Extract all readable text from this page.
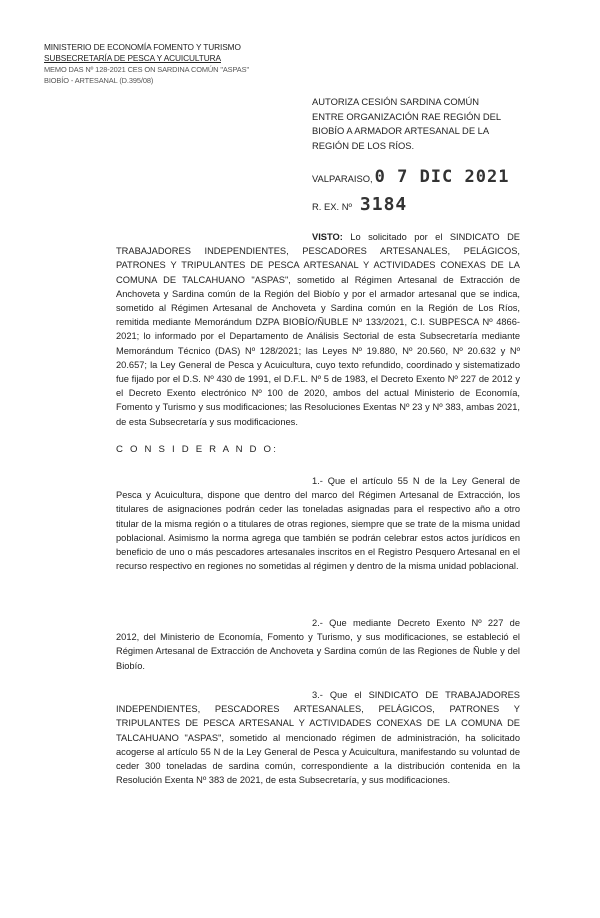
MINISTERIO DE ECONOMÍA FOMENTO Y TURISMO
SUBSECRETARÍA DE PESCA Y ACUICULTURA
MEMO DAS Nº 128-2021 CES ON SARDINA COMÚN "ASPAS"
BIOBÍO - ARTESANAL (D.395/08)
AUTORIZA CESIÓN SARDINA COMÚN ENTRE ORGANIZACIÓN RAE REGIÓN DEL BIOBÍO A ARMADOR ARTESANAL DE LA REGIÓN DE LOS RÍOS.
VALPARAISO, 0 7 DIC 2021
R. EX. Nº 3184
VISTO: Lo solicitado por el SINDICATO DE TRABAJADORES INDEPENDIENTES, PESCADORES ARTESANALES, PELÁGICOS, PATRONES Y TRIPULANTES DE PESCA ARTESANAL Y ACTIVIDADES CONEXAS DE LA COMUNA DE TALCAHUANO "ASPAS", sometido al Régimen Artesanal de Extracción de Anchoveta y Sardina común de la Región del Biobío y por el armador artesanal que se indica, sometido al Régimen Artesanal de Anchoveta y Sardina común en la Región de Los Ríos, remitida mediante Memorándum DZPA BIOBÍO/ÑUBLE Nº 133/2021, C.I. SUBPESCA Nº 4866-2021; lo informado por el Departamento de Análisis Sectorial de esta Subsecretaría mediante Memorándum Técnico (DAS) Nº 128/2021; las Leyes Nº 19.880, Nº 20.560, Nº 20.632 y Nº 20.657; la Ley General de Pesca y Acuicultura, cuyo texto refundido, coordinado y sistematizado fue fijado por el D.S. Nº 430 de 1991, el D.F.L. Nº 5 de 1983, el Decreto Exento Nº 227 de 2012 y el Decreto Exento electrónico Nº 100 de 2020, ambos del actual Ministerio de Economía, Fomento y Turismo y sus modificaciones; las Resoluciones Exentas Nº 23 y Nº 383, ambas 2021, de esta Subsecretaría y sus modificaciones.
C O N S I D E R A N D O:
1.- Que el artículo 55 N de la Ley General de Pesca y Acuicultura, dispone que dentro del marco del Régimen Artesanal de Extracción, los titulares de asignaciones podrán ceder las toneladas asignadas para el respectivo año a otro titular de la misma región o a titulares de otras regiones, siempre que se trate de la misma unidad poblacional. Asimismo la norma agrega que también se podrán celebrar estos actos jurídicos en beneficio de uno o más pescadores artesanales inscritos en el Registro Pesquero Artesanal en el recurso respectivo en regiones no sometidas al régimen y dentro de la misma unidad poblacional.
2.- Que mediante Decreto Exento Nº 227 de 2012, del Ministerio de Economía, Fomento y Turismo, y sus modificaciones, se estableció el Régimen Artesanal de Extracción de Anchoveta y Sardina común de las Regiones de Ñuble y del Biobío.
3.- Que el SINDICATO DE TRABAJADORES INDEPENDIENTES, PESCADORES ARTESANALES, PELÁGICOS, PATRONES Y TRIPULANTES DE PESCA ARTESANAL Y ACTIVIDADES CONEXAS DE LA COMUNA DE TALCAHUANO "ASPAS", sometido al mencionado régimen de administración, ha solicitado acogerse al artículo 55 N de la Ley General de Pesca y Acuicultura, manifestando su voluntad de ceder 300 toneladas de sardina común, correspondiente a la distribución contenida en la Resolución Exenta Nº 383 de 2021, de esta Subsecretaría, y sus modificaciones.
